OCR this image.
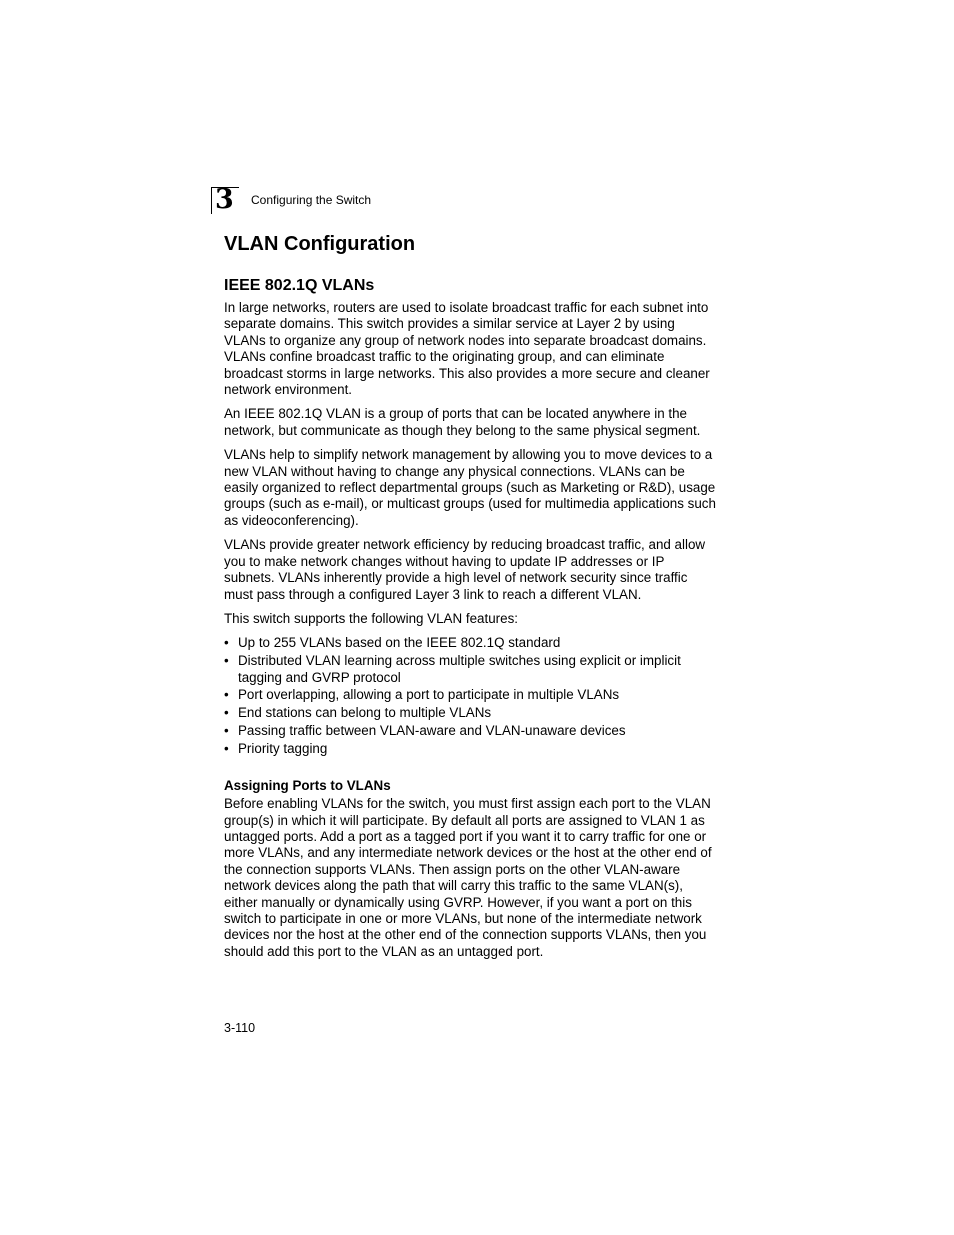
3 Configuring the Switch
VLAN Configuration
IEEE 802.1Q VLANs

In large networks, routers are used to isolate broadcast traffic for each subnet into separate domains. This switch provides a similar service at Layer 2 by using VLANs to organize any group of network nodes into separate broadcast domains. VLANs confine broadcast traffic to the originating group, and can eliminate broadcast storms in large networks. This also provides a more secure and cleaner network environment.

An IEEE 802.1Q VLAN is a group of ports that can be located anywhere in the network, but communicate as though they belong to the same physical segment.

VLANs help to simplify network management by allowing you to move devices to a new VLAN without having to change any physical connections. VLANs can be easily organized to reflect departmental groups (such as Marketing or R&D), usage groups (such as e-mail), or multicast groups (used for multimedia applications such as videoconferencing).

VLANs provide greater network efficiency by reducing broadcast traffic, and allow you to make network changes without having to update IP addresses or IP subnets. VLANs inherently provide a high level of network security since traffic must pass through a configured Layer 3 link to reach a different VLAN.

This switch supports the following VLAN features:

• Up to 255 VLANs based on the IEEE 802.1Q standard
• Distributed VLAN learning across multiple switches using explicit or implicit tagging and GVRP protocol
• Port overlapping, allowing a port to participate in multiple VLANs
• End stations can belong to multiple VLANs
• Passing traffic between VLAN-aware and VLAN-unaware devices
• Priority tagging
Assigning Ports to VLANs

Before enabling VLANs for the switch, you must first assign each port to the VLAN group(s) in which it will participate. By default all ports are assigned to VLAN 1 as untagged ports. Add a port as a tagged port if you want it to carry traffic for one or more VLANs, and any intermediate network devices or the host at the other end of the connection supports VLANs. Then assign ports on the other VLAN-aware network devices along the path that will carry this traffic to the same VLAN(s), either manually or dynamically using GVRP. However, if you want a port on this switch to participate in one or more VLANs, but none of the intermediate network devices nor the host at the other end of the connection supports VLANs, then you should add this port to the VLAN as an untagged port.

3-110
